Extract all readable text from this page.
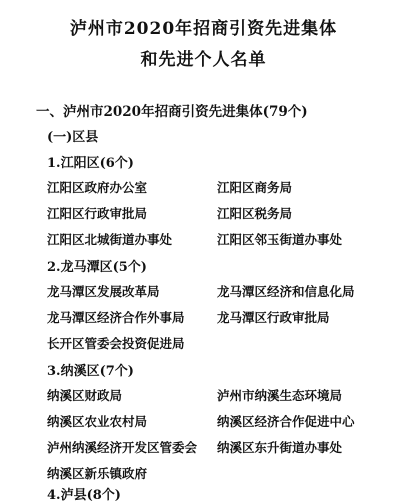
泸州市2020年招商引资先进集体
和先进个人名单
一、泸州市2020年招商引资先进集体(79个)
(一)区县
1.江阳区(6个)
江阳区政府办公室	江阳区商务局
江阳区行政审批局	江阳区税务局
江阳区北城街道办事处	江阳区邻玉街道办事处
2.龙马潭区(5个)
龙马潭区发展改革局	龙马潭区经济和信息化局
龙马潭区经济合作外事局	龙马潭区行政审批局
长开区管委会投资促进局
3.纳溪区(7个)
纳溪区财政局	泸州市纳溪生态环境局
纳溪区农业农村局	纳溪区经济合作促进中心
泸州纳溪经济开发区管委会 纳溪区东升街道办事处
纳溪区新乐镇政府
4.泸县(8个)
